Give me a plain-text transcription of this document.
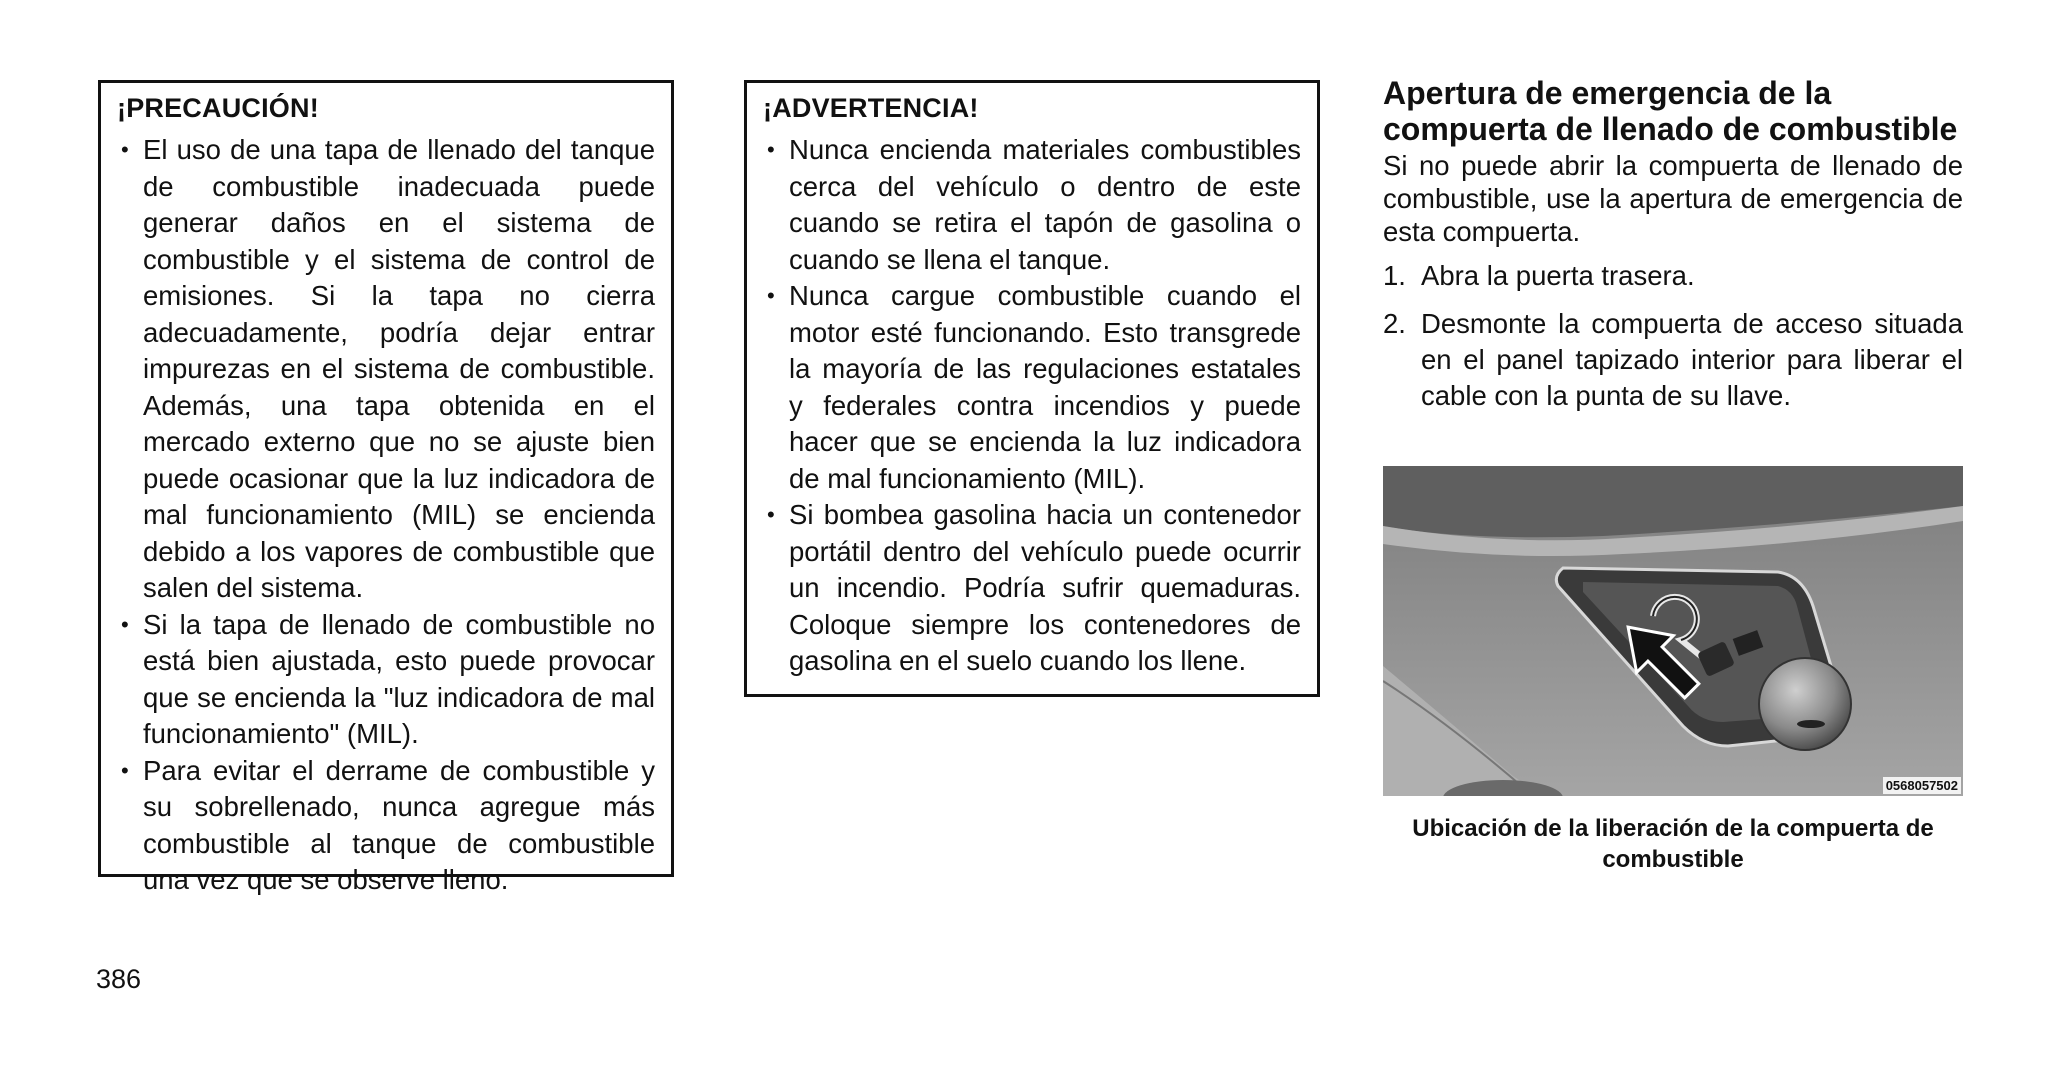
¡PRECAUCIÓN!
• El uso de una tapa de llenado del tanque de combustible inadecuada puede generar daños en el sistema de combustible y el sistema de control de emisiones. Si la tapa no cierra adecuadamente, podría dejar entrar impurezas en el sistema de combustible. Además, una tapa obtenida en el mercado externo que no se ajuste bien puede ocasionar que la luz indicadora de mal funcionamiento (MIL) se encienda debido a los vapores de combustible que salen del sistema.
• Si la tapa de llenado de combustible no está bien ajustada, esto puede provocar que se encienda la "luz indicadora de mal funcionamiento" (MIL).
• Para evitar el derrame de combustible y su sobrellenado, nunca agregue más combustible al tanque de combustible una vez que se observe lleno.
¡ADVERTENCIA!
• Nunca encienda materiales combustibles cerca del vehículo o dentro de este cuando se retira el tapón de gasolina o cuando se llena el tanque.
• Nunca cargue combustible cuando el motor esté funcionando. Esto transgrede la mayoría de las regulaciones estatales y federales contra incendios y puede hacer que se encienda la luz indicadora de mal funcionamiento (MIL).
• Si bombea gasolina hacia un contenedor portátil dentro del vehículo puede ocurrir un incendio. Podría sufrir quemaduras. Coloque siempre los contenedores de gasolina en el suelo cuando los llene.
Apertura de emergencia de la compuerta de llenado de combustible

Si no puede abrir la compuerta de llenado de combustible, use la apertura de emergencia de esta compuerta.

1. Abra la puerta trasera.
2. Desmonte la compuerta de acceso situada en el panel tapizado interior para liberar el cable con la punta de su llave.
0568057502
Ubicación de la liberación de la compuerta de combustible
386
